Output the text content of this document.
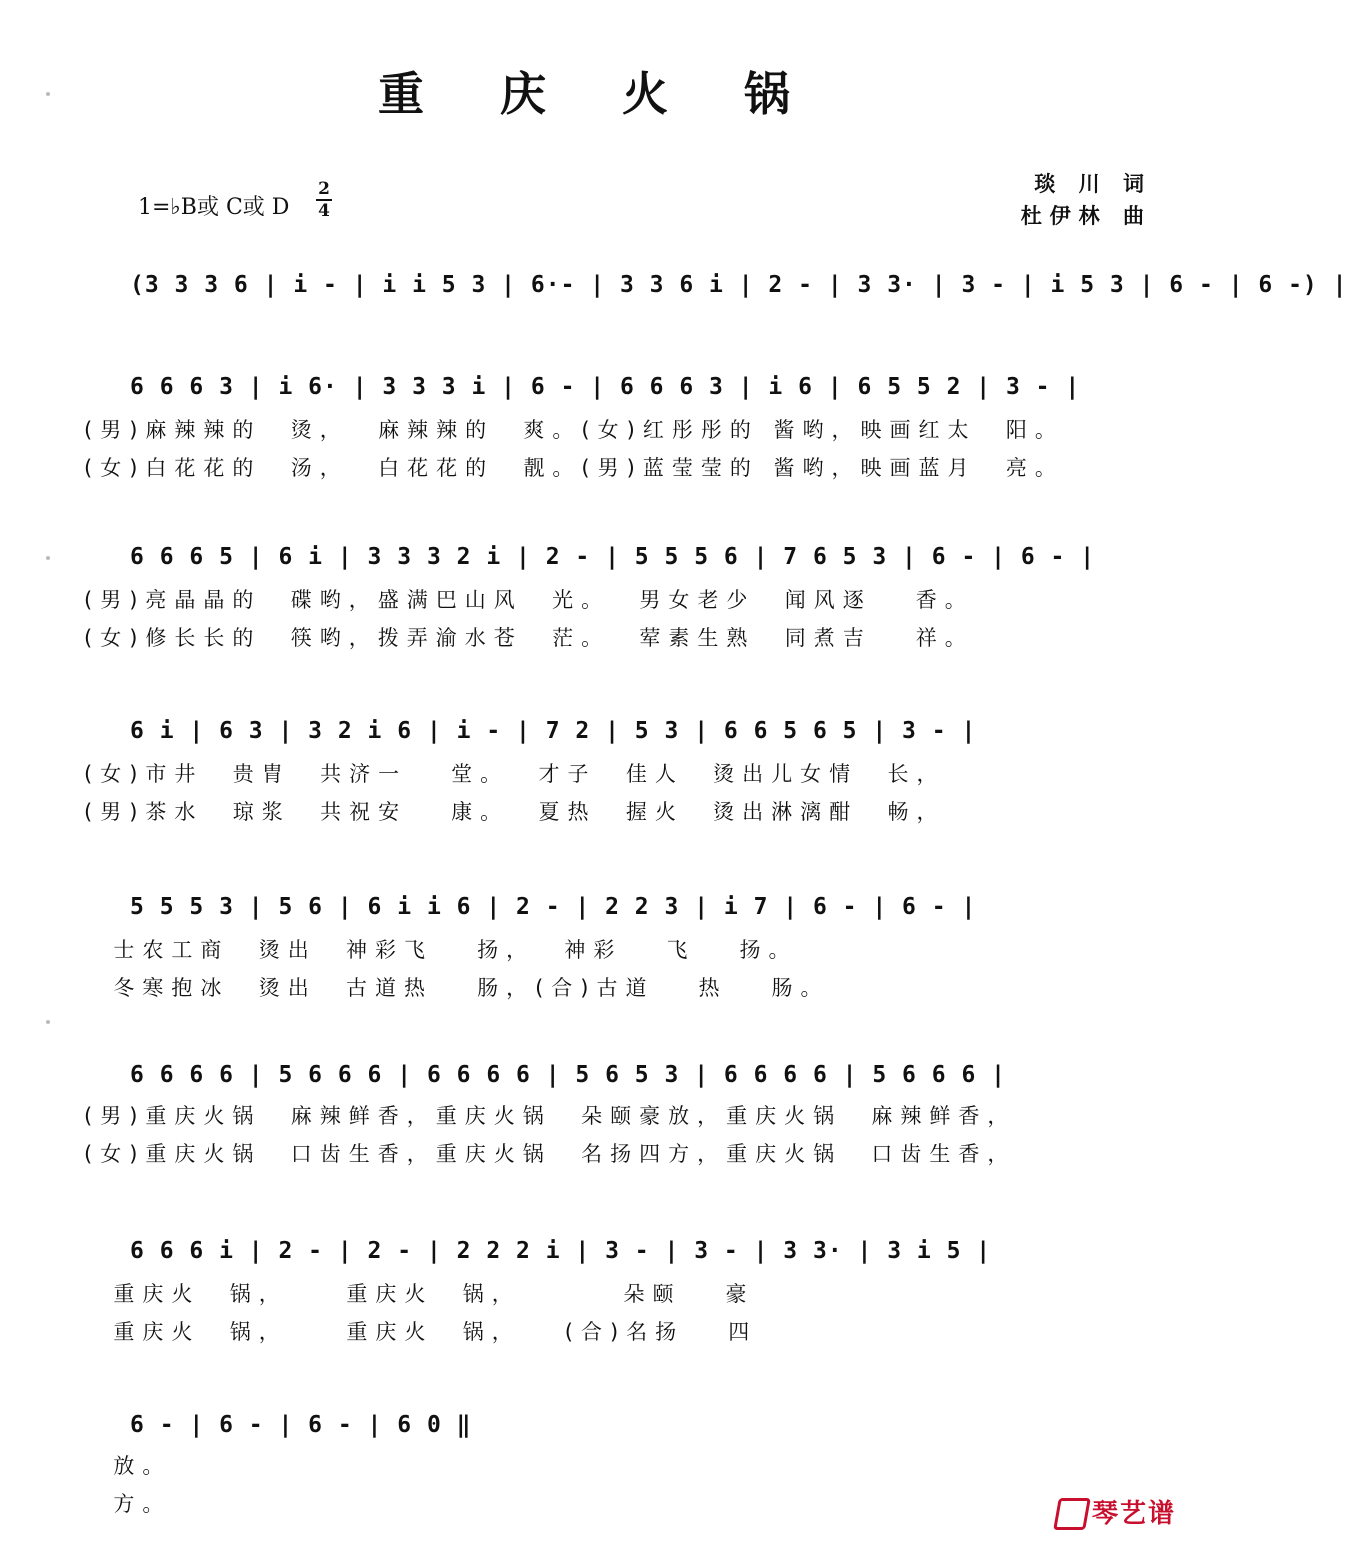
重 庆 火 锅
1=♭B或 C或 D
2
4
琰 川 词
杜伊林 曲
(3 3 3 6 | i - | i i 5 3 | 6·- | 3 3 6 i | 2 - | 3 3· | 3 - | i 5 3 | 6 - | 6 -) |
6 6 6 3 | i 6· | 3 3 3 i | 6 - | 6 6 6 3 | i 6 | 6 5 5 2 | 3 - |
(男)麻辣辣的  烫，  麻辣辣的  爽。(女)红彤彤的 酱哟，映画红太  阳。
(女)白花花的  汤，  白花花的  靓。(男)蓝莹莹的 酱哟，映画蓝月  亮。
6 6 6 5 | 6 i | 3 3 3 2 i | 2 - | 5 5 5 6 | 7 6 5 3 | 6 - | 6 - |
(男)亮晶晶的  碟哟，盛满巴山风  光。  男女老少  闻风逐   香。
(女)修长长的  筷哟，拨弄渝水苍  茫。  荤素生熟  同煮吉   祥。
6 i | 6 3 | 3 2 i 6 | i - | 7 2 | 5 3 | 6 6 5 6 5 | 3 - |
(女)市井  贵胄  共济一   堂。  才子  佳人  烫出儿女情  长，
(男)茶水  琼浆  共祝安   康。  夏热  握火  烫出淋漓酣  畅，
5 5 5 3 | 5 6 | 6 i i 6 | 2 - | 2 2 3 | i 7 | 6 - | 6 - |
士农工商  烫出  神彩飞   扬，  神彩   飞   扬。
冬寒抱冰  烫出  古道热   肠，(合)古道   热   肠。
6 6 6 6 | 5 6 6 6 | 6 6 6 6 | 5 6 5 3 | 6 6 6 6 | 5 6 6 6 |
(男)重庆火锅  麻辣鲜香，重庆火锅  朵颐豪放，重庆火锅  麻辣鲜香，
(女)重庆火锅  口齿生香，重庆火锅  名扬四方，重庆火锅  口齿生香，
6 6 6 i | 2 - | 2 - | 2 2 2 i | 3 - | 3 - | 3 3· | 3 i 5 |
重庆火  锅，    重庆火  锅，       朵颐   豪
重庆火  锅，    重庆火  锅，   (合)名扬   四
6 - | 6 - | 6 - | 6 0 ‖
放。
方。	琴艺谱
